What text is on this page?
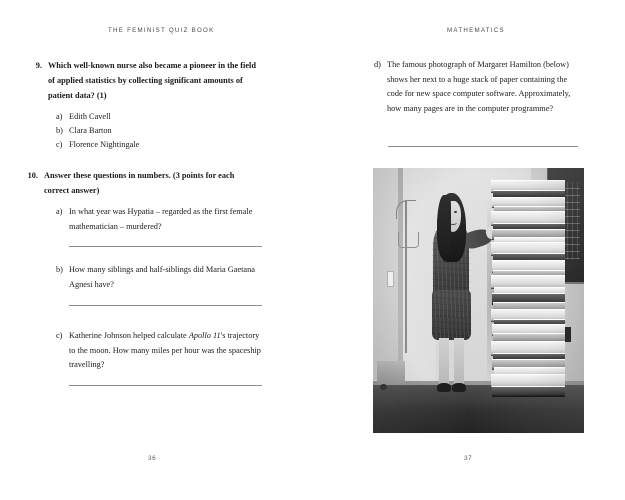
THE FEMINIST QUIZ BOOK
9. Which well-known nurse also became a pioneer in the field of applied statistics by collecting significant amounts of patient data? (1)
a) Edith Cavell
b) Clara Barton
c) Florence Nightingale
10. Answer these questions in numbers. (3 points for each correct answer)
a) In what year was Hypatia – regarded as the first female mathematician – murdered?
b) How many siblings and half-siblings did Maria Gaetana Agnesi have?
c) Katherine Johnson helped calculate Apollo 11's trajectory to the moon. How many miles per hour was the spaceship travelling?
36
MATHEMATICS
d) The famous photograph of Margaret Hamilton (below) shows her next to a huge stack of paper containing the code for new space computer software. Approximately, how many pages are in the computer programme?
37
